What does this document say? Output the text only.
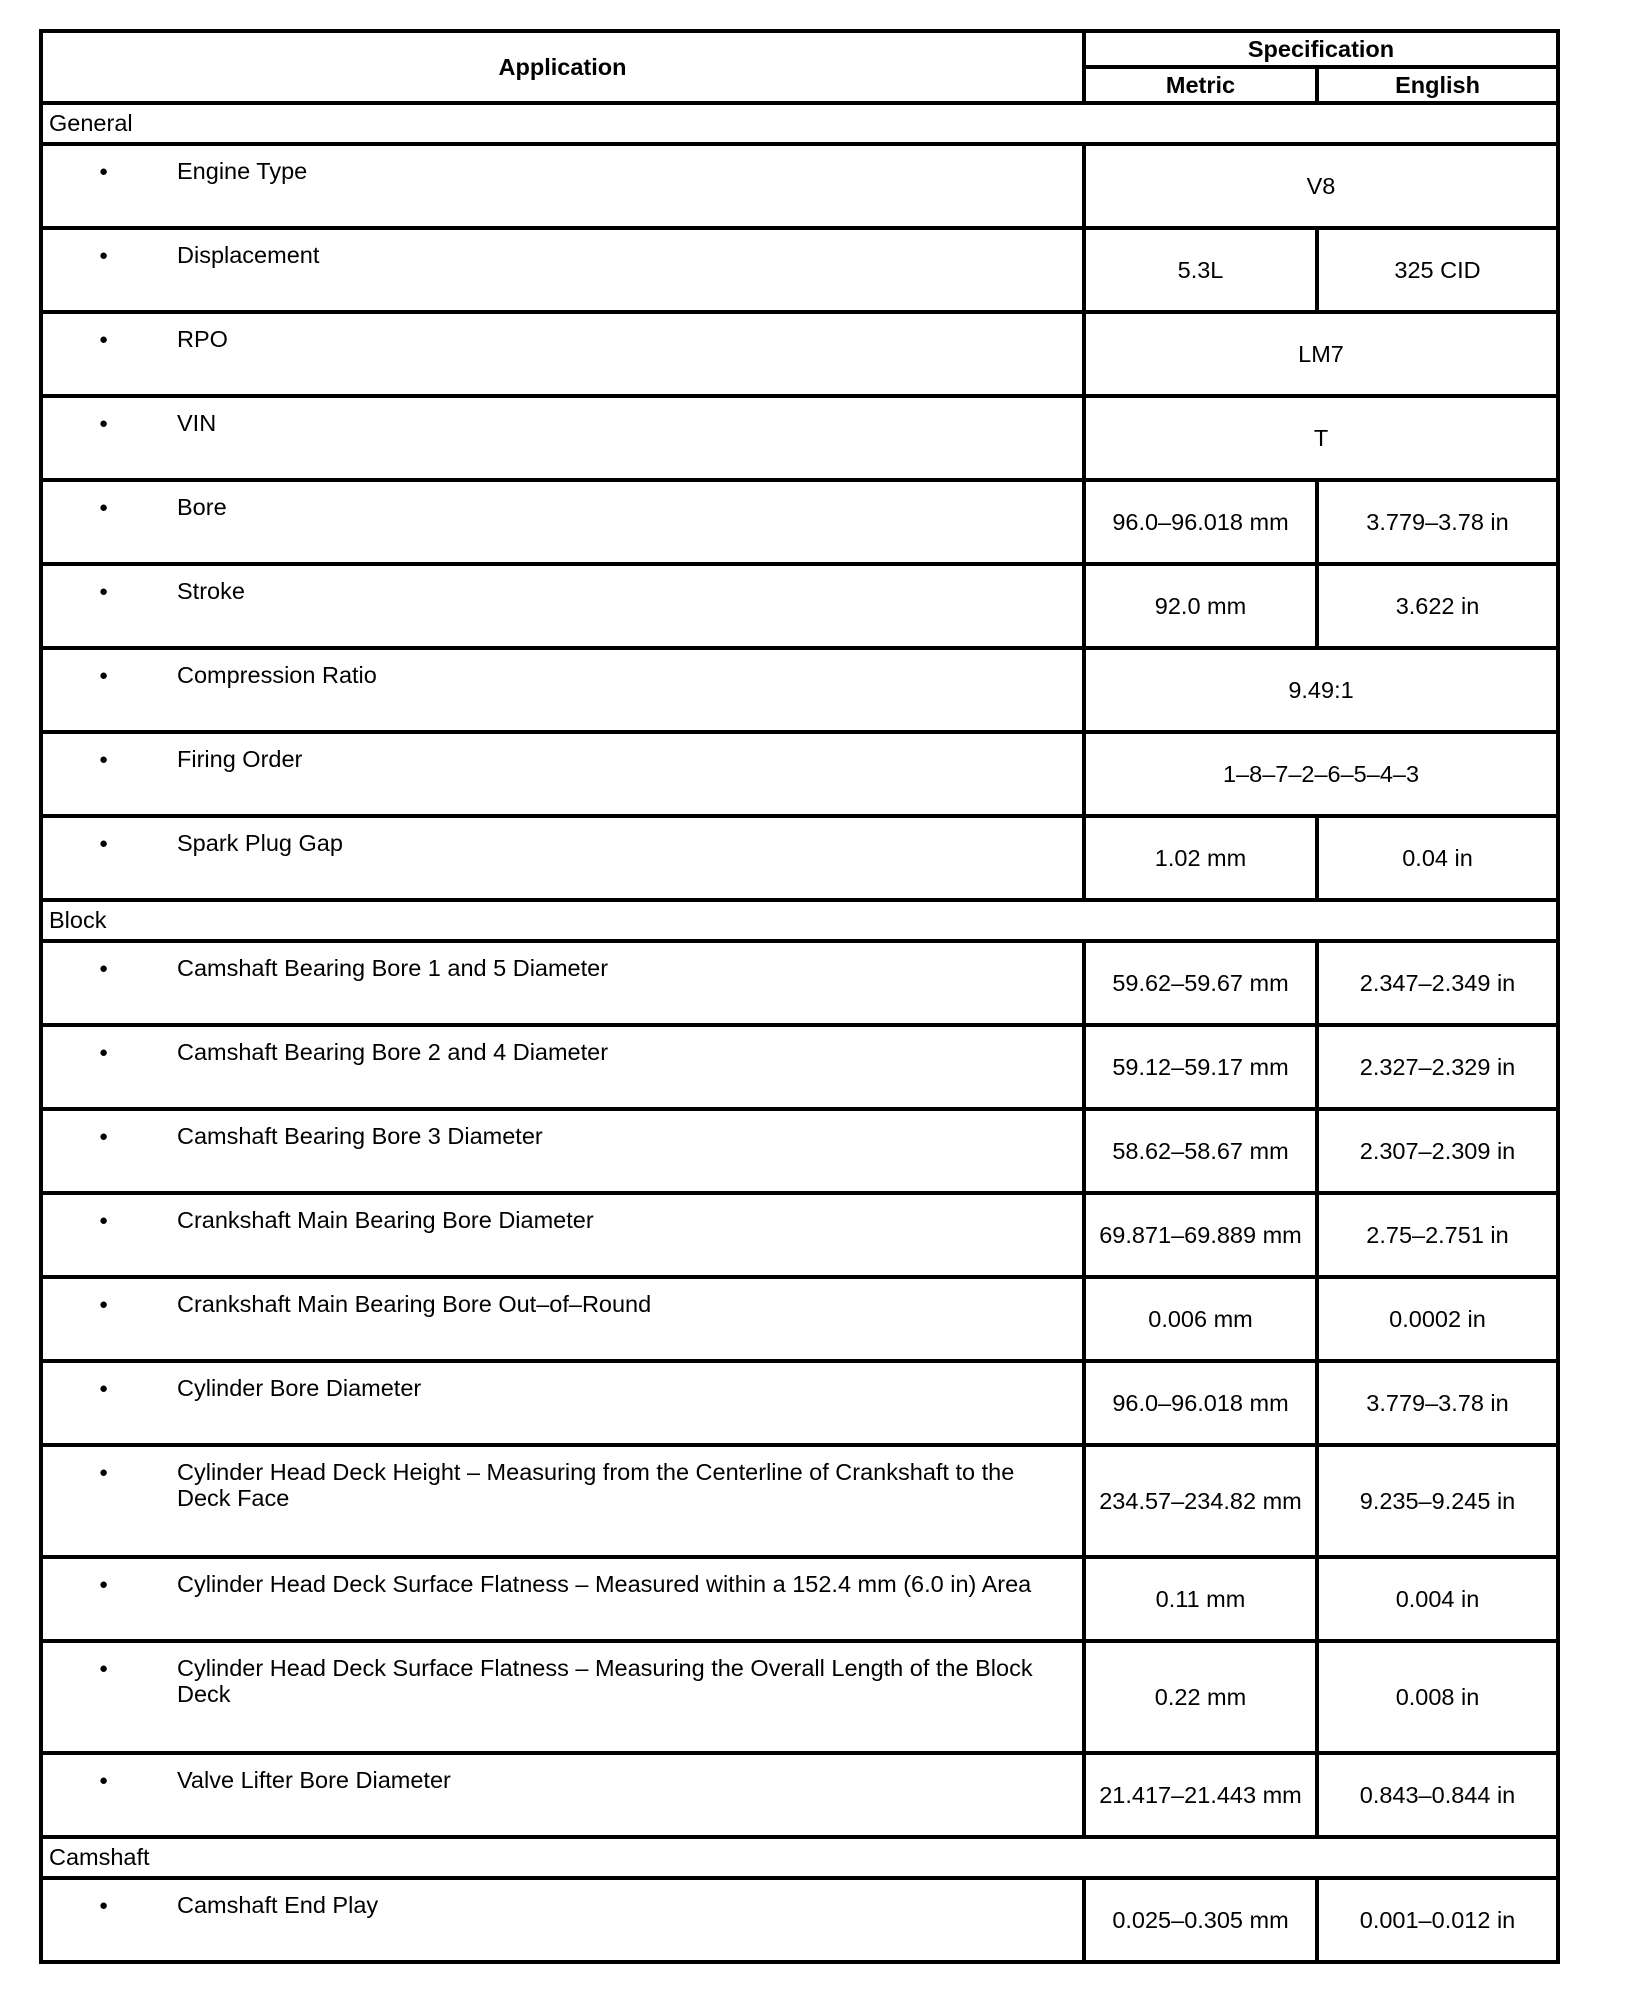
Application	Specification	
	Metric	English
General		

●
Engine Type	V8	

●
Displacement	5.3L	325 CID

●
RPO	LM7	

●
VIN	T	

●
Bore	96.0–96.018 mm	3.779–3.78 in

●
Stroke	92.0 mm	3.622 in

●
Compression Ratio	9.49:1	

●
Firing Order	1–8–7–2–6–5–4–3	

●
Spark Plug Gap	1.02 mm	0.04 in
Block		

●
Camshaft Bearing Bore 1 and 5 Diameter	59.62–59.67 mm	2.347–2.349 in

●
Camshaft Bearing Bore 2 and 4 Diameter	59.12–59.17 mm	2.327–2.329 in

●
Camshaft Bearing Bore 3 Diameter	58.62–58.67 mm	2.307–2.309 in

●
Crankshaft Main Bearing Bore Diameter	69.871–69.889 mm	2.75–2.751 in

●
Crankshaft Main Bearing Bore Out–of–Round	0.006 mm	0.0002 in

●
Cylinder Bore Diameter	96.0–96.018 mm	3.779–3.78 in

●
Cylinder Head Deck Height – Measuring from the Centerline of Crankshaft to the Deck Face	234.57–234.82 mm	9.235–9.245 in

●
Cylinder Head Deck Surface Flatness – Measured within a 152.4 mm (6.0 in) Area	0.11 mm	0.004 in

●
Cylinder Head Deck Surface Flatness – Measuring the Overall Length of the Block Deck	0.22 mm	0.008 in

●
Valve Lifter Bore Diameter	21.417–21.443 mm	0.843–0.844 in
Camshaft		

●
Camshaft End Play	0.025–0.305 mm	0.001–0.012 in
